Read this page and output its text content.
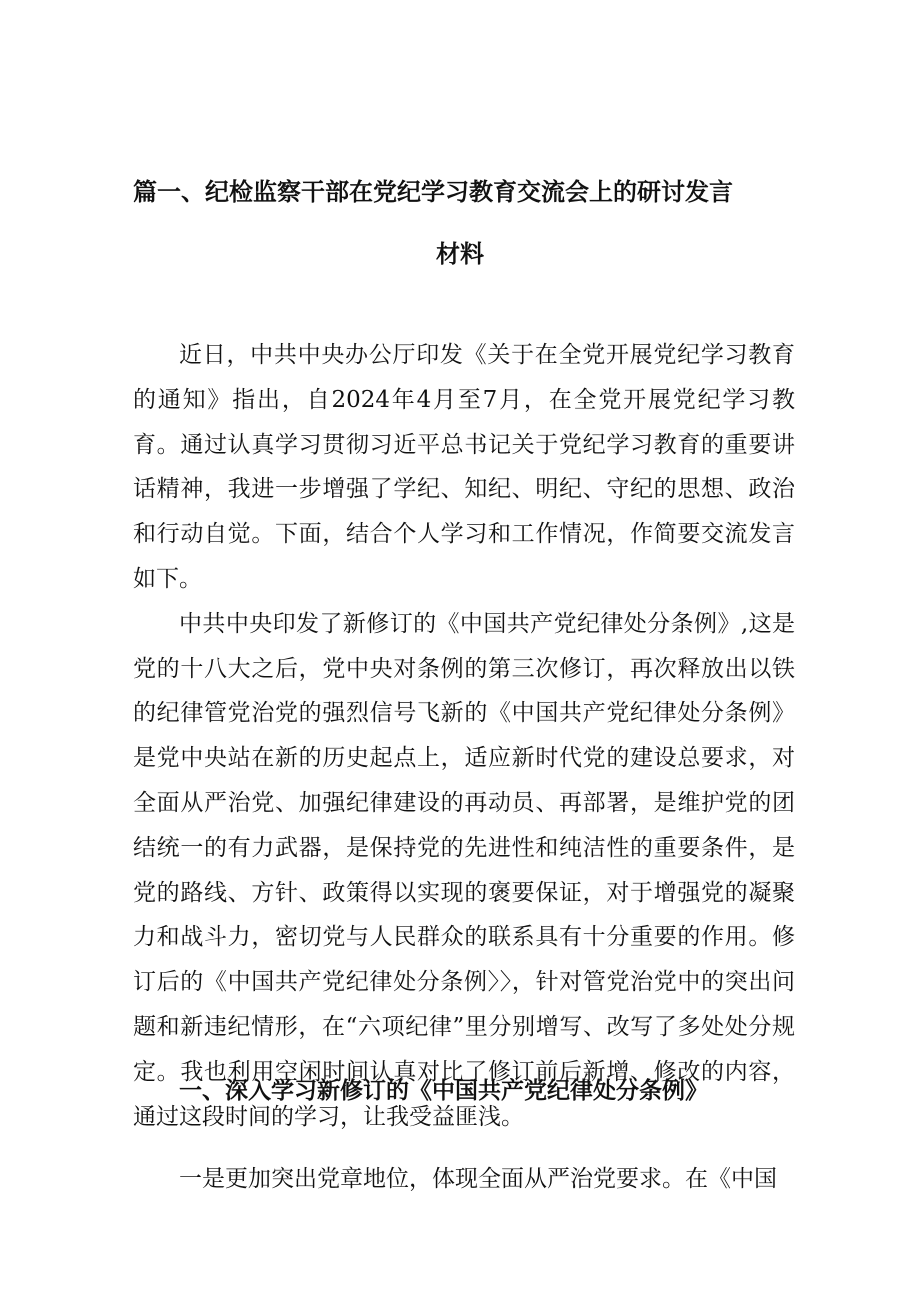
篇一、纪检监察干部在党纪学习教育交流会上的研讨发言
材料

近日，中共中央办公厅印发《关于在全党开展党纪学习教育的通知》指出，自2024年4月至7月，在全党开展党纪学习教育。通过认真学习贯彻习近平总书记关于党纪学习教育的重要讲话精神，我进一步增强了学纪、知纪、明纪、守纪的思想、政治和行动自觉。下面，结合个人学习和工作情况，作简要交流发言如下。

中共中央印发了新修订的《中国共产党纪律处分条例》,这是党的十八大之后，党中央对条例的第三次修订，再次释放出以铁的纪律管党治党的强烈信号飞新的《中国共产党纪律处分条例》是党中央站在新的历史起点上，适应新时代党的建设总要求，对全面从严治党、加强纪律建设的再动员、再部署，是维护党的团结统一的有力武器，是保持党的先进性和纯洁性的重要条件，是党的路线、方针、政策得以实现的褒要保证，对于增强党的凝聚力和战斗力，密切党与人民群众的联系具有十分重要的作用。修订后的《中国共产党纪律处分条例〉〉，针对管党治党中的突出问题和新违纪情形，在“六项纪律”里分别增写、改写了多处处分规定。我也利用空闲时间认真对比了修订前后新增、修改的内容，通过这段时间的学习，让我受益匪浅。

一、深入学习新修订的《中国共产党纪律处分条例》
一是更加突出党章地位，体现全面从严治党要求。在《中国
